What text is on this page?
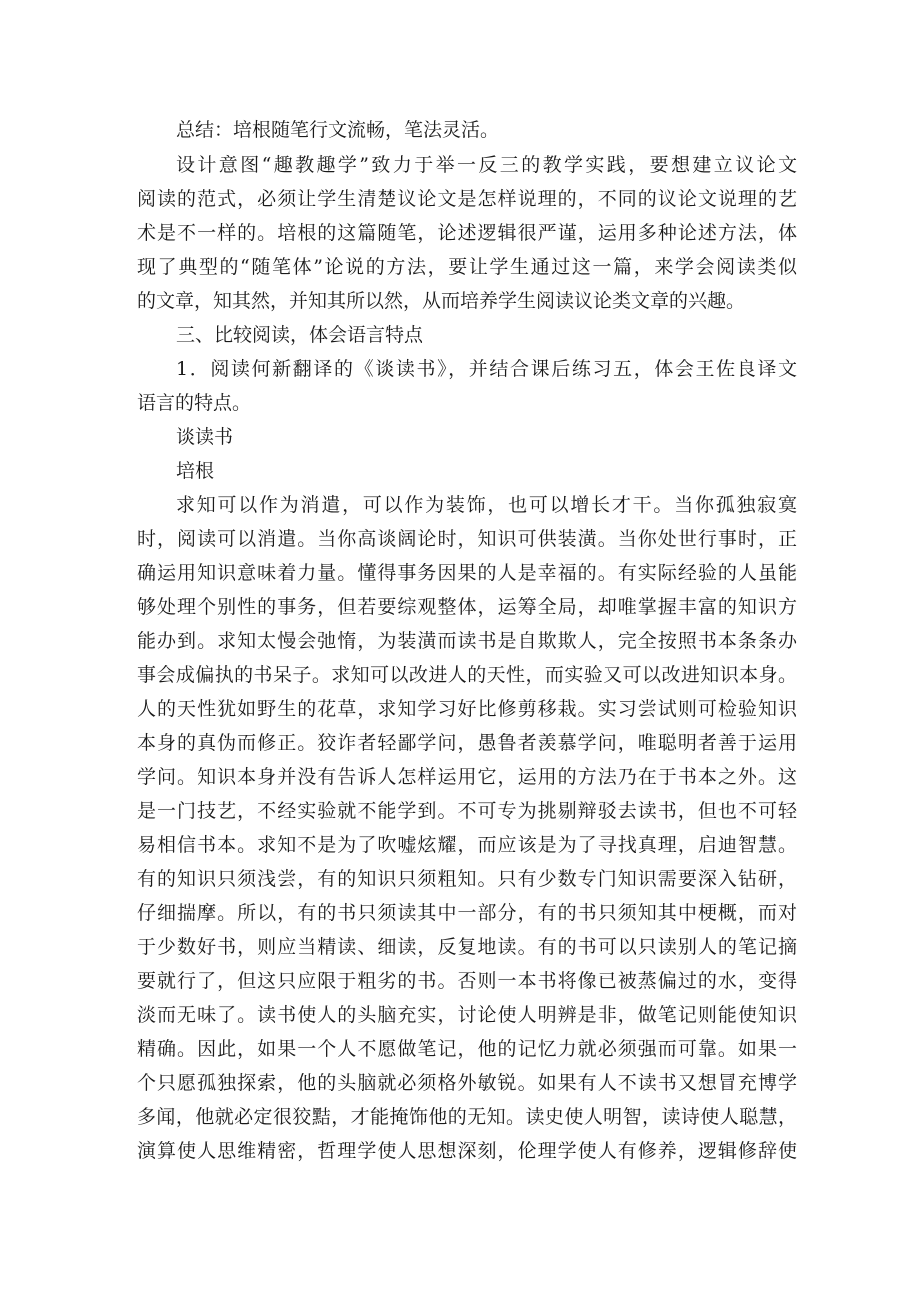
总结：培根随笔行文流畅，笔法灵活。
设计意图“趣教趣学”致力于举一反三的教学实践，要想建立议论文
阅读的范式，必须让学生清楚议论文是怎样说理的，不同的议论文说理的艺
术是不一样的。培根的这篇随笔，论述逻辑很严谨，运用多种论述方法，体
现了典型的“随笔体”论说的方法，要让学生通过这一篇，来学会阅读类似
的文章，知其然，并知其所以然，从而培养学生阅读议论类文章的兴趣。
三、比较阅读，体会语言特点
1．阅读何新翻译的《谈读书》，并结合课后练习五，体会王佐良译文
语言的特点。
谈读书
培根
求知可以作为消遣，可以作为装饰，也可以增长才干。当你孤独寂寞
时，阅读可以消遣。当你高谈阔论时，知识可供装潢。当你处世行事时，正
确运用知识意味着力量。懂得事务因果的人是幸福的。有实际经验的人虽能
够处理个别性的事务，但若要综观整体，运筹全局，却唯掌握丰富的知识方
能办到。求知太慢会弛惰，为装潢而读书是自欺欺人，完全按照书本条条办
事会成偏执的书呆子。求知可以改进人的天性，而实验又可以改进知识本身。
人的天性犹如野生的花草，求知学习好比修剪移栽。实习尝试则可检验知识
本身的真伪而修正。狡诈者轻鄙学问，愚鲁者羡慕学问，唯聪明者善于运用
学问。知识本身并没有告诉人怎样运用它，运用的方法乃在于书本之外。这
是一门技艺，不经实验就不能学到。不可专为挑剔辩驳去读书，但也不可轻
易相信书本。求知不是为了吹嘘炫耀，而应该是为了寻找真理，启迪智慧。
有的知识只须浅尝，有的知识只须粗知。只有少数专门知识需要深入钻研，
仔细揣摩。所以，有的书只须读其中一部分，有的书只须知其中梗概，而对
于少数好书，则应当精读、细读，反复地读。有的书可以只读别人的笔记摘
要就行了，但这只应限于粗劣的书。否则一本书将像已被蒸偏过的水，变得
淡而无味了。读书使人的头脑充实，讨论使人明辨是非，做笔记则能使知识
精确。因此，如果一个人不愿做笔记，他的记忆力就必须强而可靠。如果一
个只愿孤独探索，他的头脑就必须格外敏锐。如果有人不读书又想冒充博学
多闻，他就必定很狡黠，才能掩饰他的无知。读史使人明智，读诗使人聪慧，
演算使人思维精密，哲理学使人思想深刻，伦理学使人有修养，逻辑修辞使
